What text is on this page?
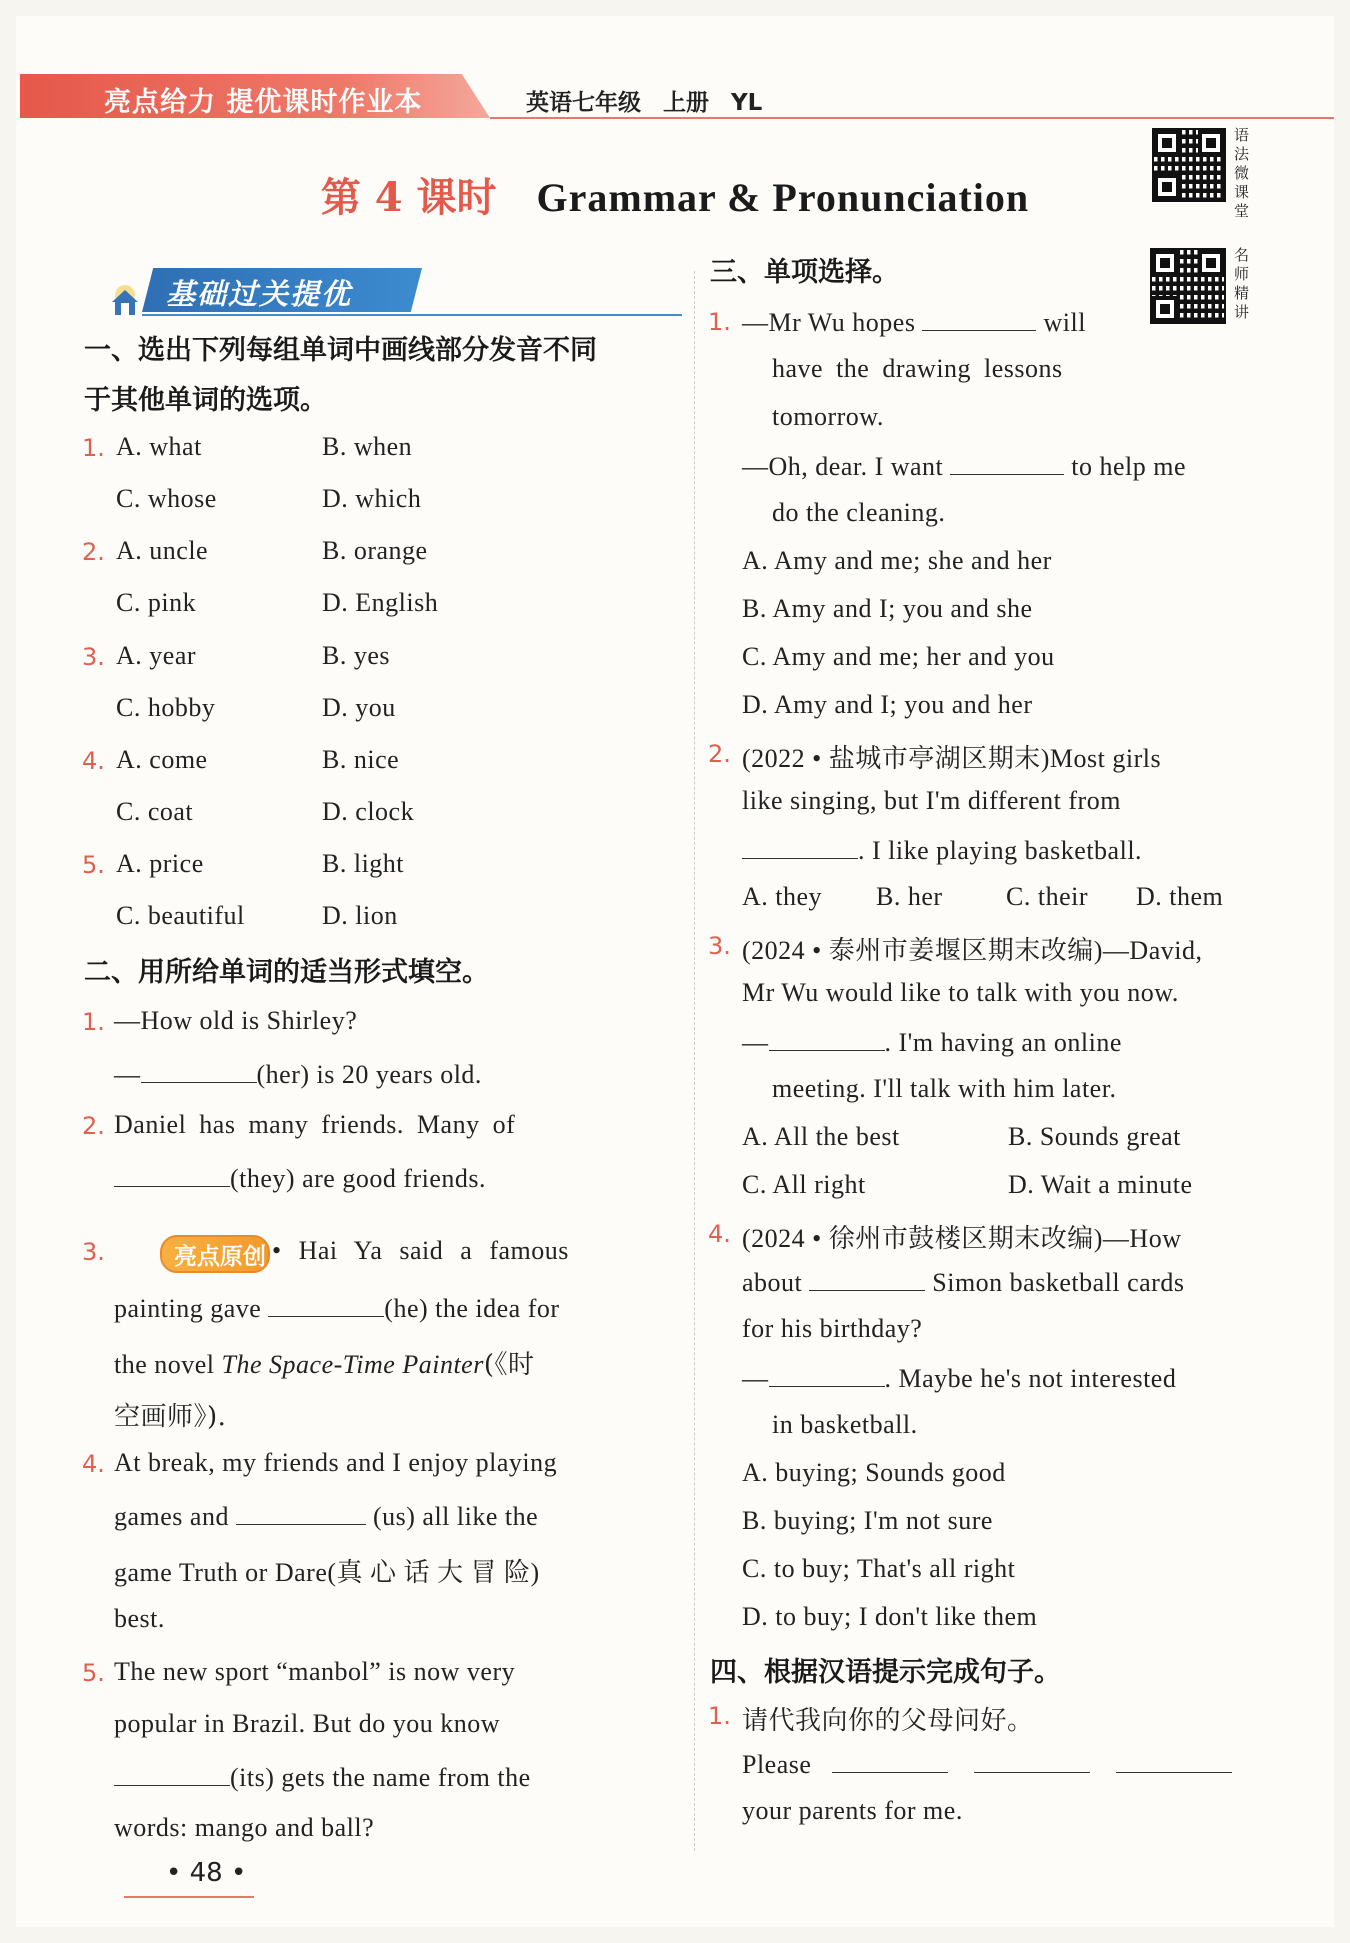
亮点给力 提优课时作业本	英语七年级 上册 YL
第 4 课时 Grammar & Pronunciation
语法微课堂
名师精讲
基础过关提优
一、选出下列每组单词中画线部分发音不同
于其他单词的选项。
1. A. what	B. when
C. whose	D. which
2. A. uncle	B. orange
C. pink	D. English
3. A. year	B. yes
C. hobby	D. you
4. A. come	B. nice
C. coat	D. clock
5. A. price	B. light
C. beautiful	D. lion
二、用所给单词的适当形式填空。
1. —How old is Shirley?
—	(her) is 20 years old.
2. Daniel has many friends. Many of
(they) are good friends.
3.	亮点原创 • Hai Ya said a famous
painting gave	(he) the idea for
the novel The Space-Time Painter(《时
空画师》).
4. At break, my friends and I enjoy playing
games and	(us) all like the
game Truth or Dare(真 心 话 大 冒 险)
best.
5. The new sport “manbol” is now very
popular in Brazil. But do you know
(its) gets the name from the
words: mango and ball?
三、单项选择。
1. —Mr Wu hopes	will
have the drawing lessons
tomorrow.
—Oh, dear. I want	to help me
do the cleaning.
A. Amy and me; she and her
B. Amy and I; you and she
C. Amy and me; her and you
D. Amy and I; you and her
2. (2022 • 盐城市亭湖区期末)Most girls
like singing, but I'm different from
. I like playing basketball.
A. they B. her C. their D. them
3. (2024 • 泰州市姜堰区期末改编)—David,
Mr Wu would like to talk with you now.
—	. I'm having an online
meeting. I'll talk with him later.
A. All the best	B. Sounds great
C. All right	D. Wait a minute
4. (2024 • 徐州市鼓楼区期末改编)—How
about	Simon basketball cards
for his birthday?
—	. Maybe he's not interested
in basketball.
A. buying; Sounds good
B. buying; I'm not sure
C. to buy; That's all right
D. to buy; I don't like them
四、根据汉语提示完成句子。
1. 请代我向你的父母问好。
Please
your parents for me.
• 48 •
